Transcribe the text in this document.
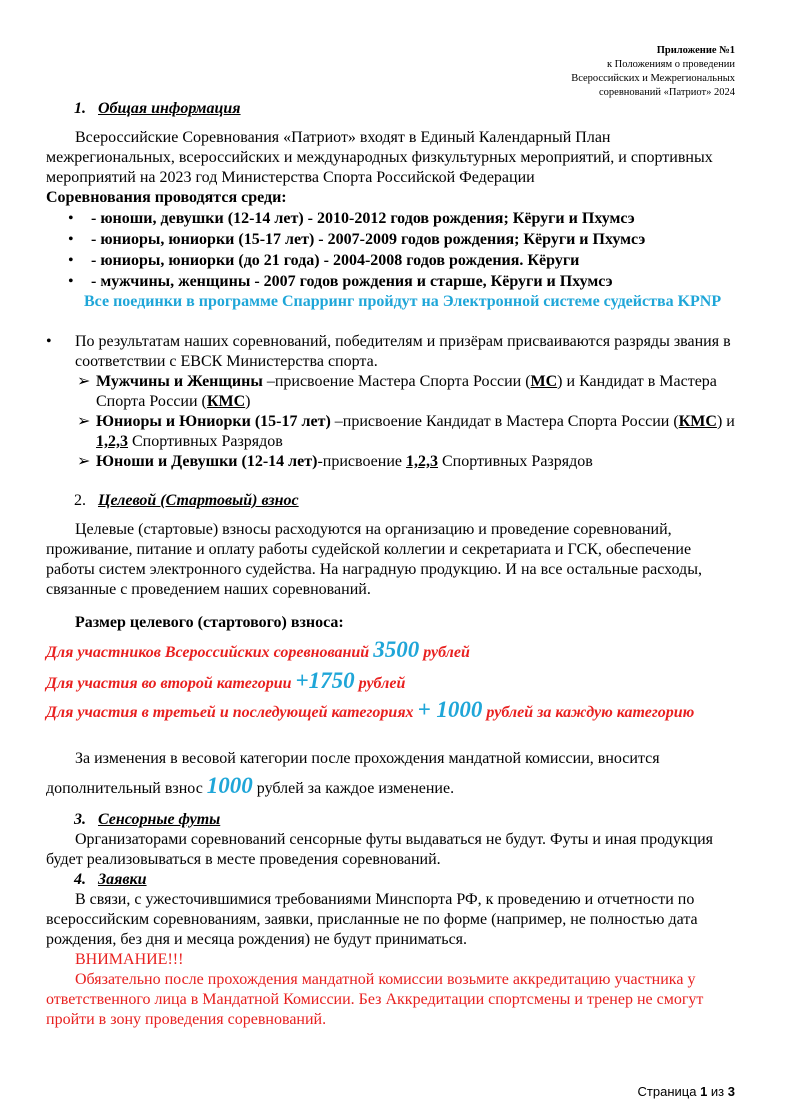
Приложение №1
к Положениям о проведении
Всероссийских и Межрегиональных
соревнований «Патриот» 2024
1. Общая информация

Всероссийские Соревнования «Патриот» входят в Единый Календарный План межрегиональных, всероссийских и международных физкультурных мероприятий, и спортивных мероприятий на 2023 год Министерства Спорта Российской Федерации

Соревнования проводятся среди:

• - юноши, девушки (12-14 лет) - 2010-2012 годов рождения; Кёруги и Пхумсэ
• - юниоры, юниорки (15-17 лет) - 2007-2009 годов рождения; Кёруги и Пхумсэ
• - юниоры, юниорки (до 21 года) - 2004-2008 годов рождения. Кёруги
• - мужчины, женщины - 2007 годов рождения и старше, Кёруги и Пхумсэ

Все поединки в программе Спарринг пройдут на Электронной системе судейства KPNP

• По результатам наших соревнований, победителям и призёрам присваиваются разряды звания в соответствии с ЕВСК Министерства спорта.
➢ Мужчины и Женщины –присвоение Мастера Спорта России (МС) и Кандидат в Мастера Спорта России (КМС)
➢ Юниоры и Юниорки (15-17 лет) –присвоение Кандидат в Мастера Спорта России (КМС) и 1,2,3 Спортивных Разрядов
➢ Юноши и Девушки (12-14 лет)-присвоение 1,2,3 Спортивных Разрядов
2. Целевой (Стартовый) взнос

Целевые (стартовые) взносы расходуются на организацию и проведение соревнований, проживание, питание и оплату работы судейской коллегии и секретариата и ГСК, обеспечение работы систем электронного судейства. На наградную продукцию. И на все остальные расходы, связанные с проведением наших соревнований.

Размер целевого (стартового) взноса:

Для участников Всероссийских соревнований 3500 рублей

Для участия во второй категории +1750 рублей

Для участия в третьей и последующей категориях + 1000 рублей за каждую категорию

За изменения в весовой категории после прохождения мандатной комиссии, вносится дополнительный взнос 1000 рублей за каждое изменение.

3. Сенсорные футы

Организаторами соревнований сенсорные футы выдаваться не будут. Футы и иная продукция будет реализовываться в месте проведения соревнований.

4. Заявки

В связи, с ужесточившимися требованиями Минспорта РФ, к проведению и отчетности по всероссийским соревнованиям, заявки, присланные не по форме (например, не полностью дата рождения, без дня и месяца рождения) не будут приниматься.

ВНИМАНИЕ!!!

Обязательно после прохождения мандатной комиссии возьмите аккредитацию участника у ответственного лица в Мандатной Комиссии. Без Аккредитации спортсмены и тренер не смогут пройти в зону проведения соревнований.

Страница 1 из 3
